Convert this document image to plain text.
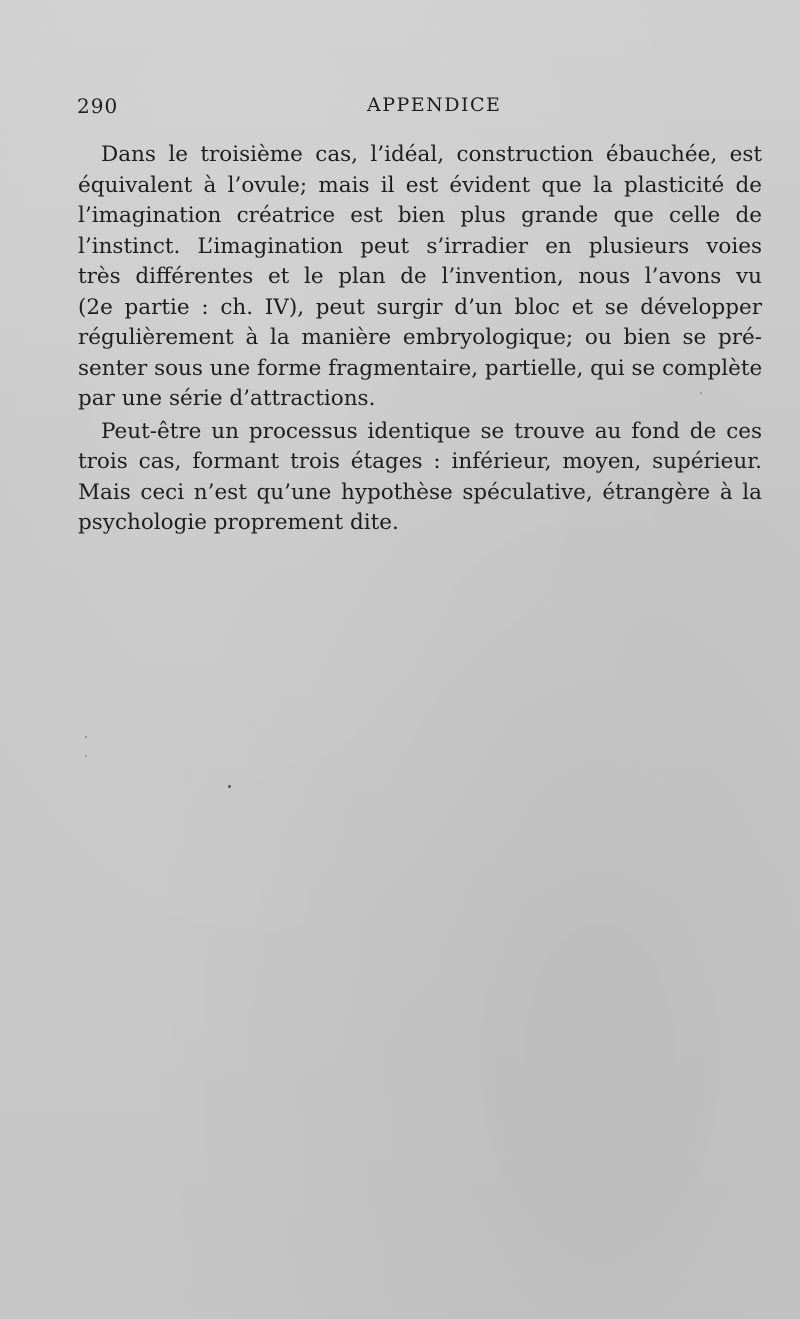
290	APPENDICE
Dans le troisième cas, l’idéal, construction ébauchée, est
équivalent à l’ovule; mais il est évident que la plasticité de
l’imagination créatrice est bien plus grande que celle de
l’instinct. L’imagination peut s’irradier en plusieurs voies
très différentes et le plan de l’invention, nous l’avons vu
(2e partie : ch. IV), peut surgir d’un bloc et se développer
régulièrement à la manière embryologique; ou bien se pré-
senter sous une forme fragmentaire, partielle, qui se complète
par une série d’attractions.
Peut-être un processus identique se trouve au fond de ces
trois cas, formant trois étages : inférieur, moyen, supérieur.
Mais ceci n’est qu’une hypothèse spéculative, étrangère à la
psychologie proprement dite.
